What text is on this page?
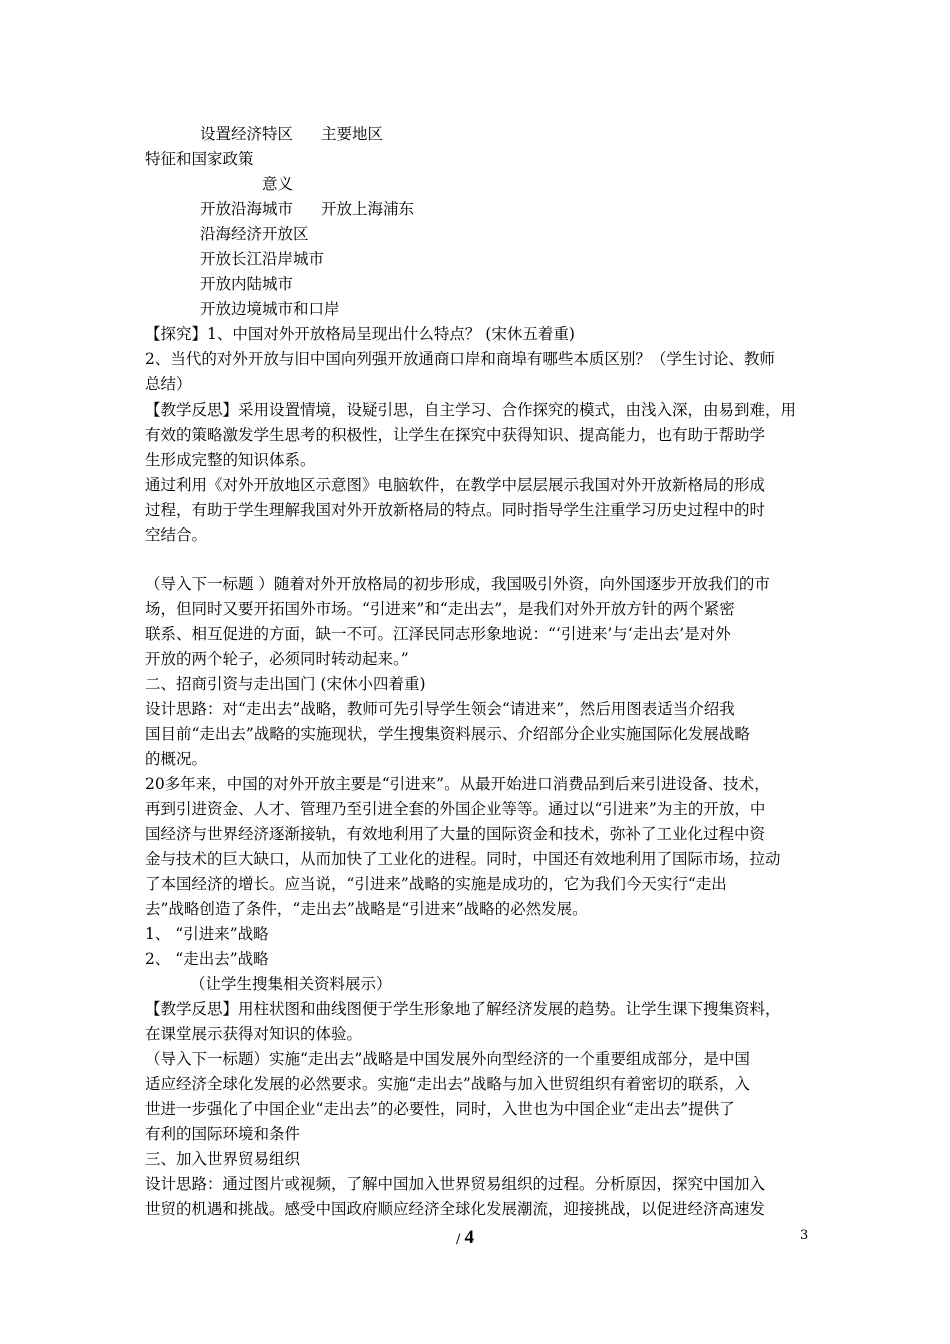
设置经济特区 主要地区
特征和国家政策
意义
开放沿海城市 开放上海浦东
沿海经济开放区
开放长江沿岸城市
开放内陆城市
开放边境城市和口岸
【探究】1、中国对外开放格局呈现出什么特点？ (宋休五着重)
2、当代的对外开放与旧中国向列强开放通商口岸和商埠有哪些本质区别？（学生讨论、教师
总结）
【教学反思】采用设置情境，设疑引思，自主学习、合作探究的模式，由浅入深，由易到难，用
有效的策略激发学生思考的积极性，让学生在探究中获得知识、提高能力，也有助于帮助学
生形成完整的知识体系。
通过利用《对外开放地区示意图》电脑软件，在教学中层层展示我国对外开放新格局的形成
过程，有助于学生理解我国对外开放新格局的特点。同时指导学生注重学习历史过程中的时
空结合。
（导入下一标题 ）随着对外开放格局的初步形成，我国吸引外资，向外国逐步开放我们的市
场，但同时又要开拓国外市场。“引进来”和“走出去”，是我们对外开放方针的两个紧密
联系、相互促进的方面，缺一不可。江泽民同志形象地说：“‘引进来’与‘走出去’是对外
开放的两个轮子，必须同时转动起来。”
二、招商引资与走出国门 (宋休小四着重)
设计思路：对“走出去”战略，教师可先引导学生领会“请进来”，然后用图表适当介绍我
国目前“走出去”战略的实施现状，学生搜集资料展示、介绍部分企业实施国际化发展战略
的概况。
20多年来，中国的对外开放主要是“引进来”。从最开始进口消费品到后来引进设备、技术，
再到引进资金、人才、管理乃至引进全套的外国企业等等。通过以“引进来”为主的开放，中
国经济与世界经济逐渐接轨，有效地利用了大量的国际资金和技术，弥补了工业化过程中资
金与技术的巨大缺口，从而加快了工业化的进程。同时，中国还有效地利用了国际市场，拉动
了本国经济的增长。应当说，“引进来”战略的实施是成功的，它为我们今天实行“走出
去”战略创造了条件，“走出去”战略是“引进来”战略的必然发展。
1、 “引进来”战略
2、 “走出去”战略
（让学生搜集相关资料展示）
【教学反思】用柱状图和曲线图便于学生形象地了解经济发展的趋势。让学生课下搜集资料，
在课堂展示获得对知识的体验。
（导入下一标题）实施“走出去”战略是中国发展外向型经济的一个重要组成部分，是中国
适应经济全球化发展的必然要求。实施“走出去”战略与加入世贸组织有着密切的联系，入
世进一步强化了中国企业“走出去”的必要性，同时，入世也为中国企业“走出去”提供了
有利的国际环境和条件
三、加入世界贸易组织
设计思路：通过图片或视频，了解中国加入世界贸易组织的过程。分析原因，探究中国加入
世贸的机遇和挑战。感受中国政府顺应经济全球化发展潮流，迎接挑战，以促进经济高速发
/ 4	3
